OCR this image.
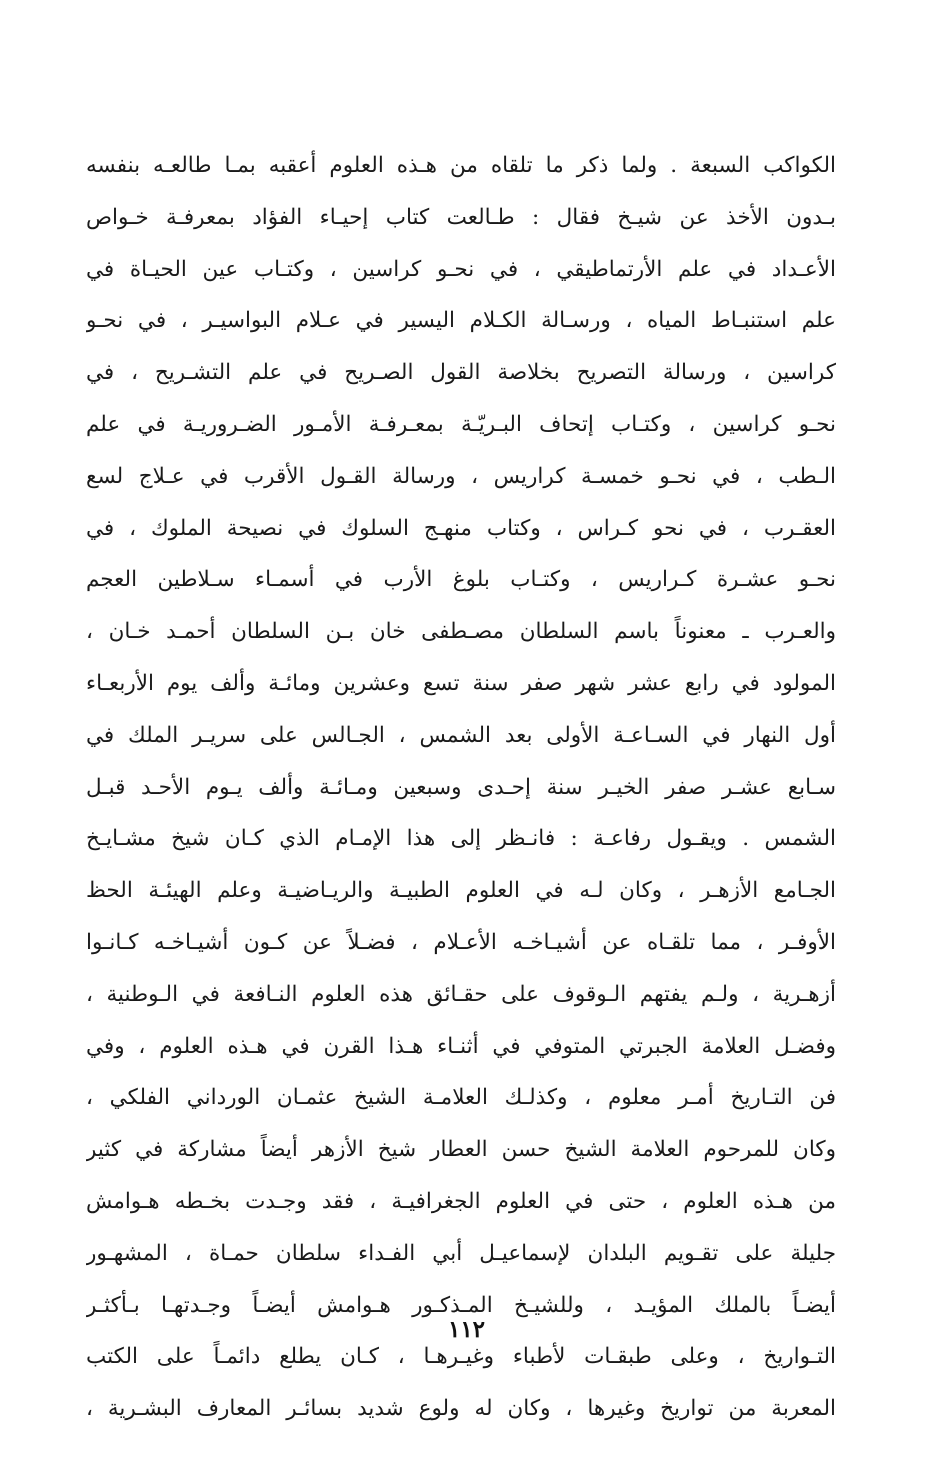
الكواكب السبعة . ولما ذكر ما تلقاه من هـذه العلوم أعقبه بمـا طالعـه بنفسه
بـدون الأخذ عن شيـخ فقال : طـالعت كتاب إحيـاء الفؤاد بمعرفـة خـواص
الأعـداد في علم الأرتماطيقي ، في نحـو كراسين ، وكتـاب عين الحيـاة في
علم استنبـاط المياه ، ورسـالة الكـلام اليسير في عـلام البواسيـر ، في نحـو
كراسين ، ورسالة التصريح بخلاصة القول الصـريح في علم التشـريح ، في
نحـو كراسين ، وكتـاب إتحاف البـريّـة بمعـرفـة الأمـور الضـروريـة في علم
الـطب ، في نحـو خمسـة كراريس ، ورسالة القـول الأقرب في عـلاج لسع
العقـرب ، في نحو كـراس ، وكتاب منهـج السلوك في نصيحة الملوك ، في
نحـو عشـرة كـراريس ، وكتـاب بلوغ الأرب في أسمـاء سـلاطين العجم
والعـرب ـ معنوناً باسم السلطان مصـطفى خان بـن السلطان أحمـد خـان ،
المولود في رابع عشر شهر صفر سنة تسع وعشرين ومائـة وألف يوم الأربعـاء
أول النهار في السـاعـة الأولى بعد الشمس ، الجـالس على سريـر الملك في
سـابع عشـر صفر الخيـر سنة إحـدى وسبعين ومـائـة وألف يـوم الأحـد قبـل
الشمس . ويقـول رفاعـة : فانـظر إلى هذا الإمـام الذي كـان شيخ مشـايـخ
الجـامع الأزهـر ، وكان لـه في العلوم الطبيـة والريـاضيـة وعلم الهيئـة الحظ
الأوفـر ، مما تلقـاه عن أشيـاخـه الأعـلام ، فضـلاً عن كـون أشيـاخـه كـانـوا
أزهـرية ، ولـم يفتهم الـوقوف على حقـائق هذه العلوم النـافعة في الـوطنية ،
وفضـل العلامة الجبرتي المتوفي في أثنـاء هـذا القرن في هـذه العلوم ، وفي
فن التـاريخ أمـر معلوم ، وكذلـك العلامـة الشيخ عثمـان الورداني الفلكي ،
وكان للمرحوم العلامة الشيخ حسن العطار شيخ الأزهر أيضاً مشاركة في كثير
من هـذه العلوم ، حتى في العلوم الجغرافيـة ، فقد وجـدت بخـطه هـوامش
جليلة على تقـويم البلدان لإسماعيـل أبي الفـداء سلطان حمـاة ، المشهـور
أيضـاً بالملك المؤيـد ، وللشيـخ المـذكـور هـوامش أيضـاً وجـدتهـا بـأكثـر
التـواريخ ، وعلى طبقـات لأطباء وغيـرهـا ، كـان يطلع دائمـاً على الكتب
المعربة من تواريخ وغيرها ، وكان له ولوع شديد بسائـر المعارف البشـرية ،
١١٢
